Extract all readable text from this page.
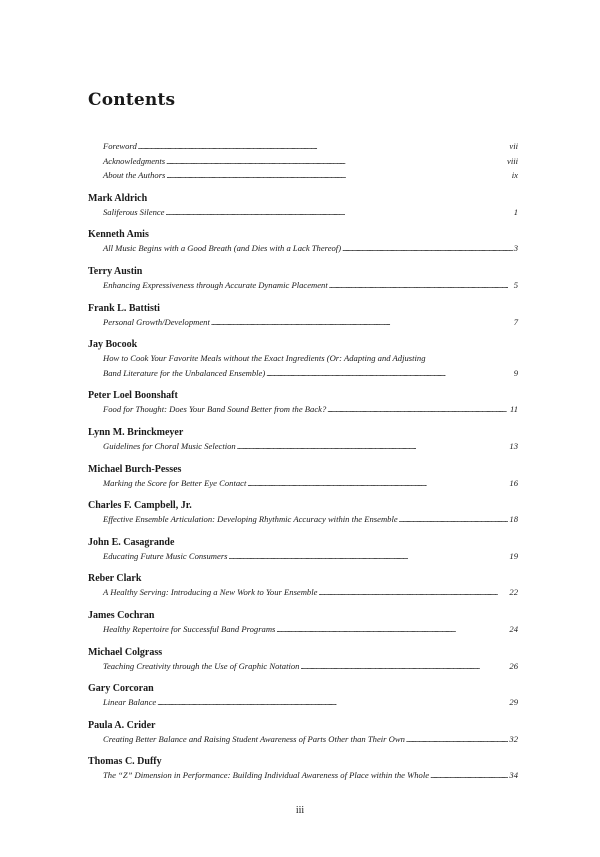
Contents
Foreword . . .	vii
Acknowledgments . . .	viii
About the Authors . . .	ix
Mark Aldrich
Saliferous Silence . . .	1
Kenneth Amis
All Music Begins with a Good Breath (and Dies with a Lack Thereof) . . .	3
Terry Austin
Enhancing Expressiveness through Accurate Dynamic Placement . . .	5
Frank L. Battisti
Personal Growth/Development . . .	7
Jay Bocook
How to Cook Your Favorite Meals without the Exact Ingredients (Or: Adapting and Adjusting
Band Literature for the Unbalanced Ensemble) . . .	9
Peter Loel Boonshaft
Food for Thought: Does Your Band Sound Better from the Back? . . .	11
Lynn M. Brinckmeyer
Guidelines for Choral Music Selection . . .	13
Michael Burch-Pesses
Marking the Score for Better Eye Contact . . .	16
Charles F. Campbell, Jr.
Effective Ensemble Articulation: Developing Rhythmic Accuracy within the Ensemble . . .	18
John E. Casagrande
Educating Future Music Consumers . . .	19
Reber Clark
A Healthy Serving: Introducing a New Work to Your Ensemble . . .	22
James Cochran
Healthy Repertoire for Successful Band Programs . . .	24
Michael Colgrass
Teaching Creativity through the Use of Graphic Notation . . .	26
Gary Corcoran
Linear Balance . . .	29
Paula A. Crider
Creating Better Balance and Raising Student Awareness of Parts Other than Their Own . . .	32
Thomas C. Duffy
The “Z” Dimension in Performance: Building Individual Awareness of Place within the Whole . . .	34
iii
